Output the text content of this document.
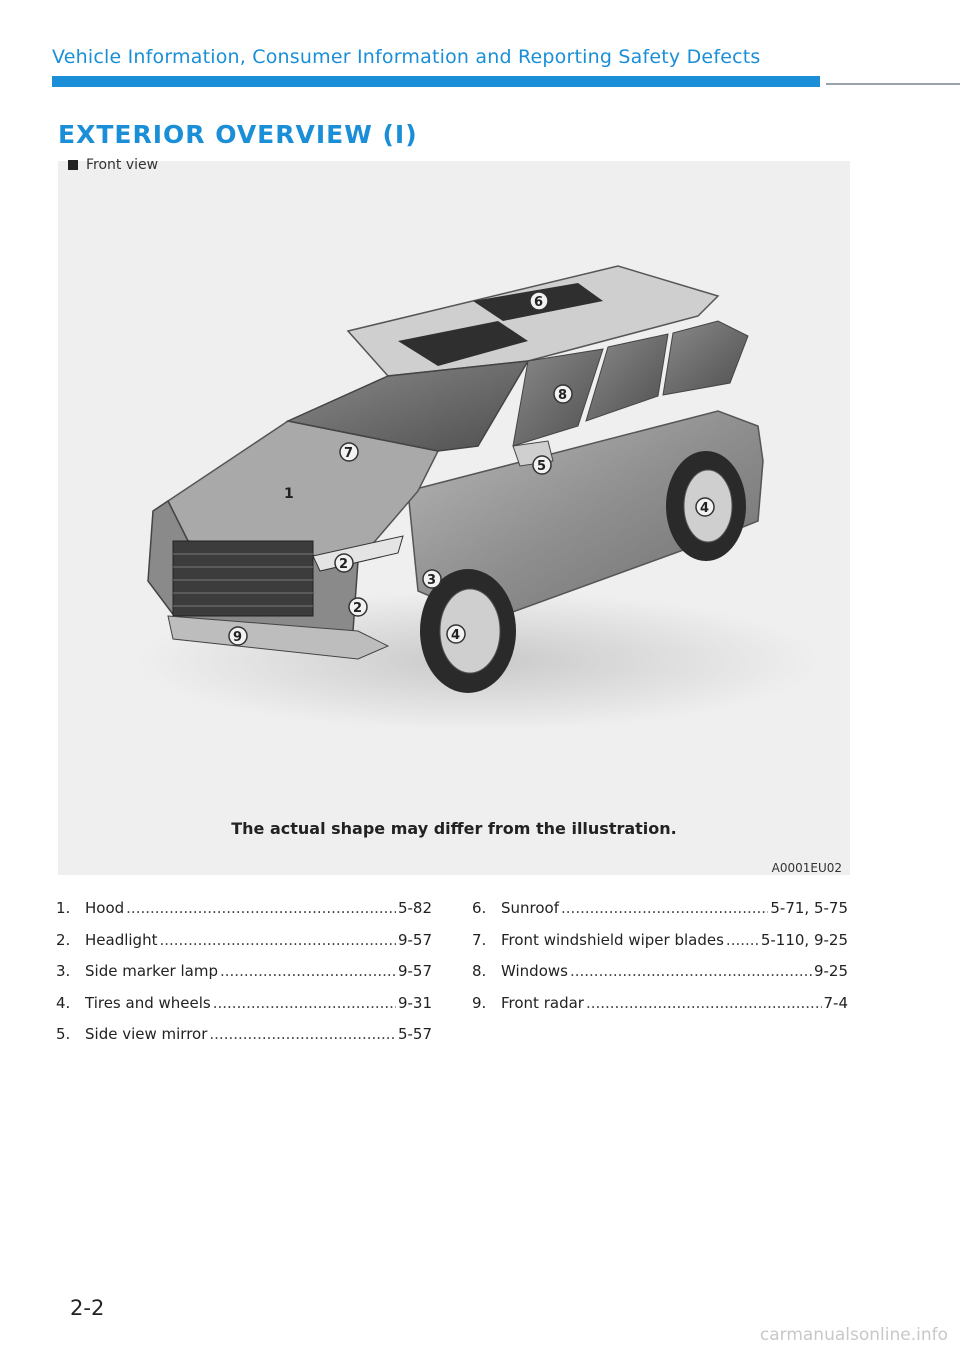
Vehicle Information, Consumer Information and Reporting Safety Defects
EXTERIOR OVERVIEW (I)
1
2
2
3
4
4
5
6
7
8
9
The actual shape may differ from the illustration.
A0001EU02
Front view
1. Hood .....	5-82
2. Headlight .....	9-57
3. Side marker lamp .....	9-57
4. Tires and wheels .....	9-31
5. Side view mirror .....	5-57
6. Sunroof .....	5-71, 5-75
7. Front windshield wiper blades ..... 5-110, 9-25
8. Windows .....	9-25
9. Front radar .....	7-4
2-2
carmanualsonline.info
